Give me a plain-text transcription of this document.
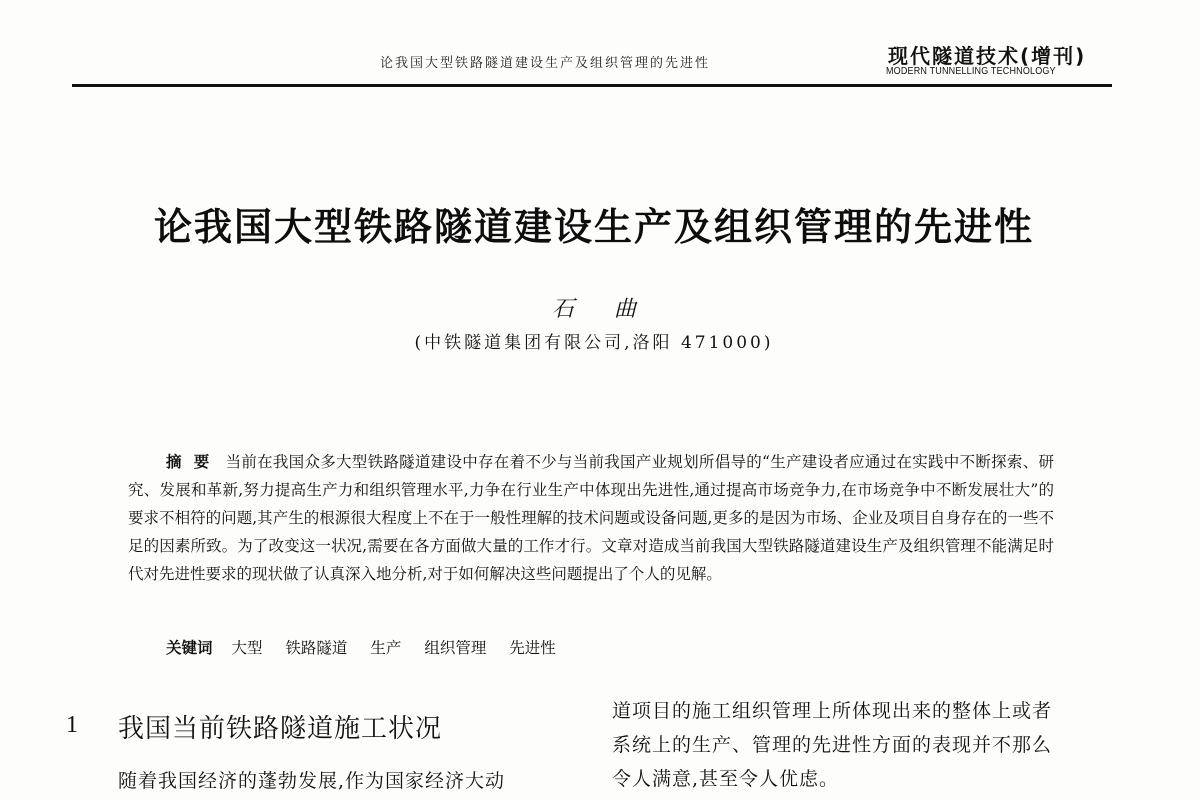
论我国大型铁路隧道建设生产及组织管理的先进性	现代隧道技术(增刊)
MODERN TUNNELLING TECHNOLOGY
论我国大型铁路隧道建设生产及组织管理的先进性
石曲
(中铁隧道集团有限公司,洛阳 471000)
摘要 当前在我国众多大型铁路隧道建设中存在着不少与当前我国产业规划所倡导的“生产建设者应通过在实践中不断探索、研究、发展和革新,努力提高生产力和组织管理水平,力争在行业生产中体现出先进性,通过提高市场竞争力,在市场竞争中不断发展壮大”的要求不相符的问题,其产生的根源很大程度上不在于一般性理解的技术问题或设备问题,更多的是因为市场、企业及项目自身存在的一些不足的因素所致。为了改变这一状况,需要在各方面做大量的工作才行。文章对造成当前我国大型铁路隧道建设生产及组织管理不能满足时代对先进性要求的现状做了认真深入地分析,对于如何解决这些问题提出了个人的见解。
关键词 大型 铁路隧道 生产 组织管理 先进性
1 我国当前铁路隧道施工状况

随着我国经济的蓬勃发展,作为国家经济大动

道项目的施工组织管理上所体现出来的整体上或者

系统上的生产、管理的先进性方面的表现并不那么

令人满意,甚至令人优虑。
